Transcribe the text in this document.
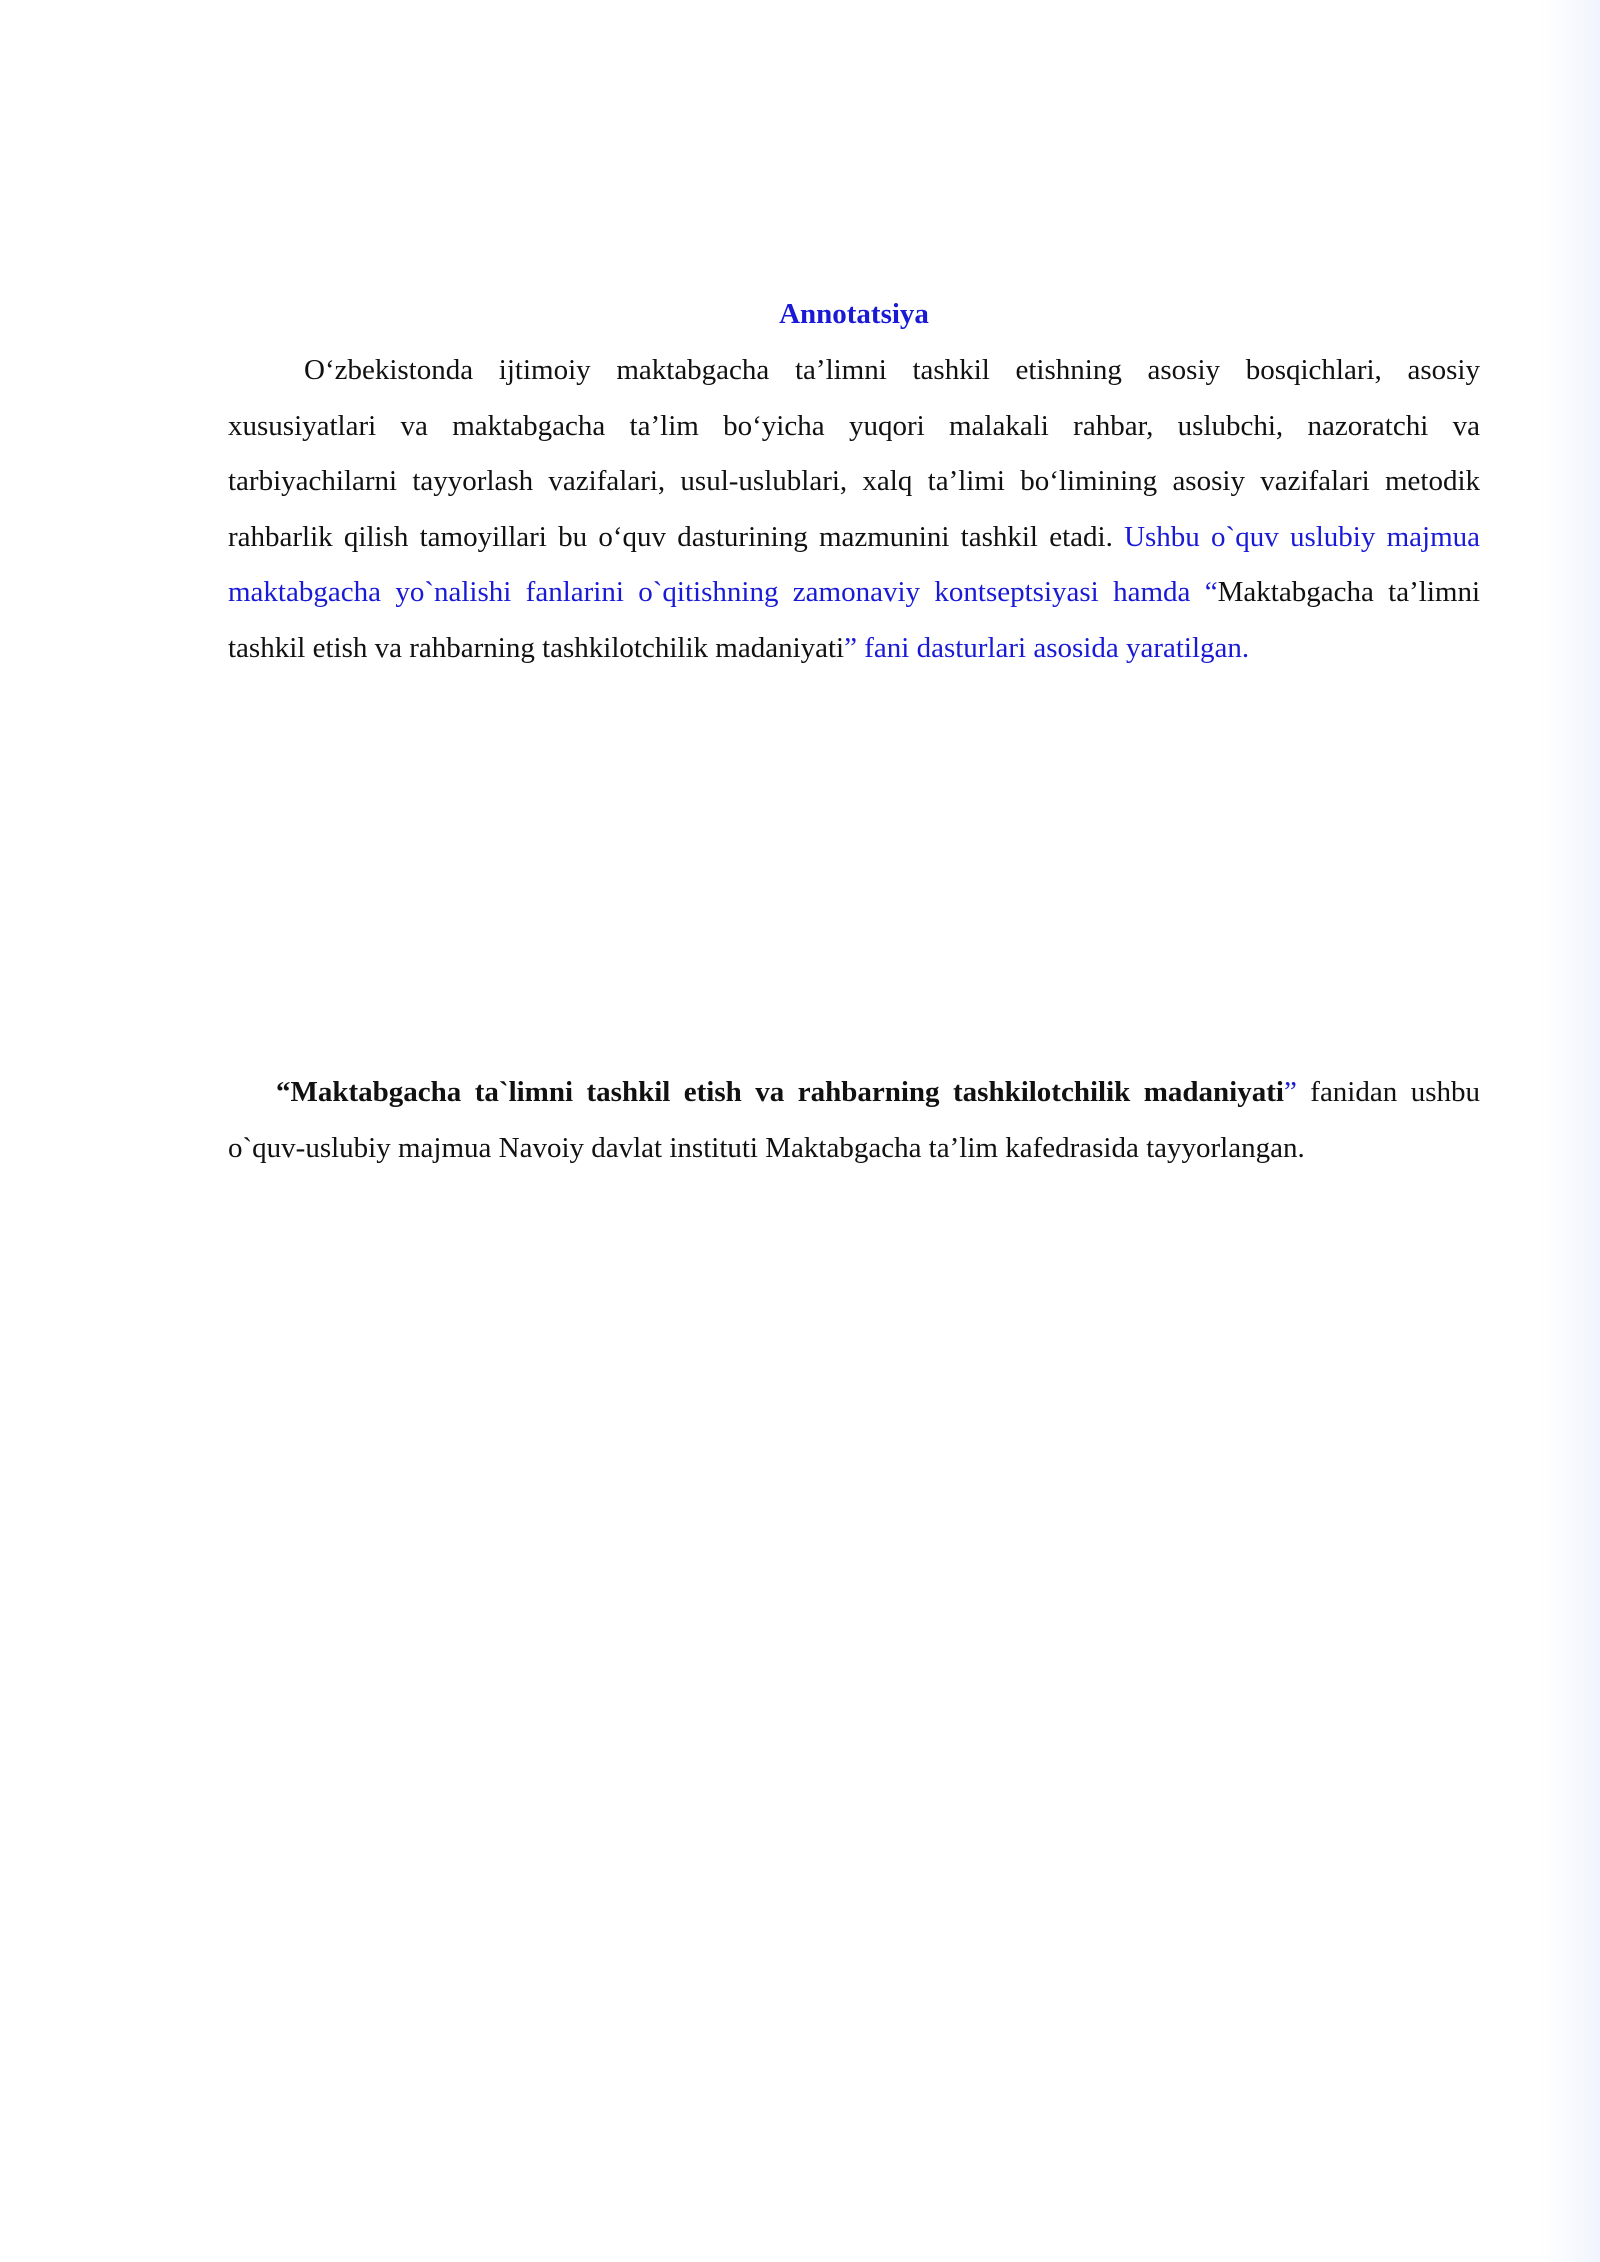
Annotatsiya

O‘zbekistonda ijtimoiy maktabgacha ta’limni tashkil etishning asosiy bosqichlari, asosiy xususiyatlari va maktabgacha ta’lim bo‘yicha yuqori malakali rahbar, uslubchi, nazoratchi va tarbiyachilarni tayyorlash vazifalari, usul-uslublari, xalq ta’limi bo‘limining asosiy vazifalari metodik rahbarlik qilish tamoyillari bu o‘quv dasturining mazmunini tashkil etadi. Ushbu o`quv uslubiy majmua maktabgacha yo`nalishi fanlarini o`qitishning zamonaviy kontseptsiyasi hamda “Maktabgacha ta’limni tashkil etish va rahbarning tashkilotchilik madaniyati” fani dasturlari asosida yaratilgan.

“Maktabgacha ta`limni tashkil etish va rahbarning tashkilotchilik madaniyati” fanidan ushbu o`quv-uslubiy majmua Navoiy davlat instituti Maktabgacha ta’lim kafedrasida tayyorlangan.
